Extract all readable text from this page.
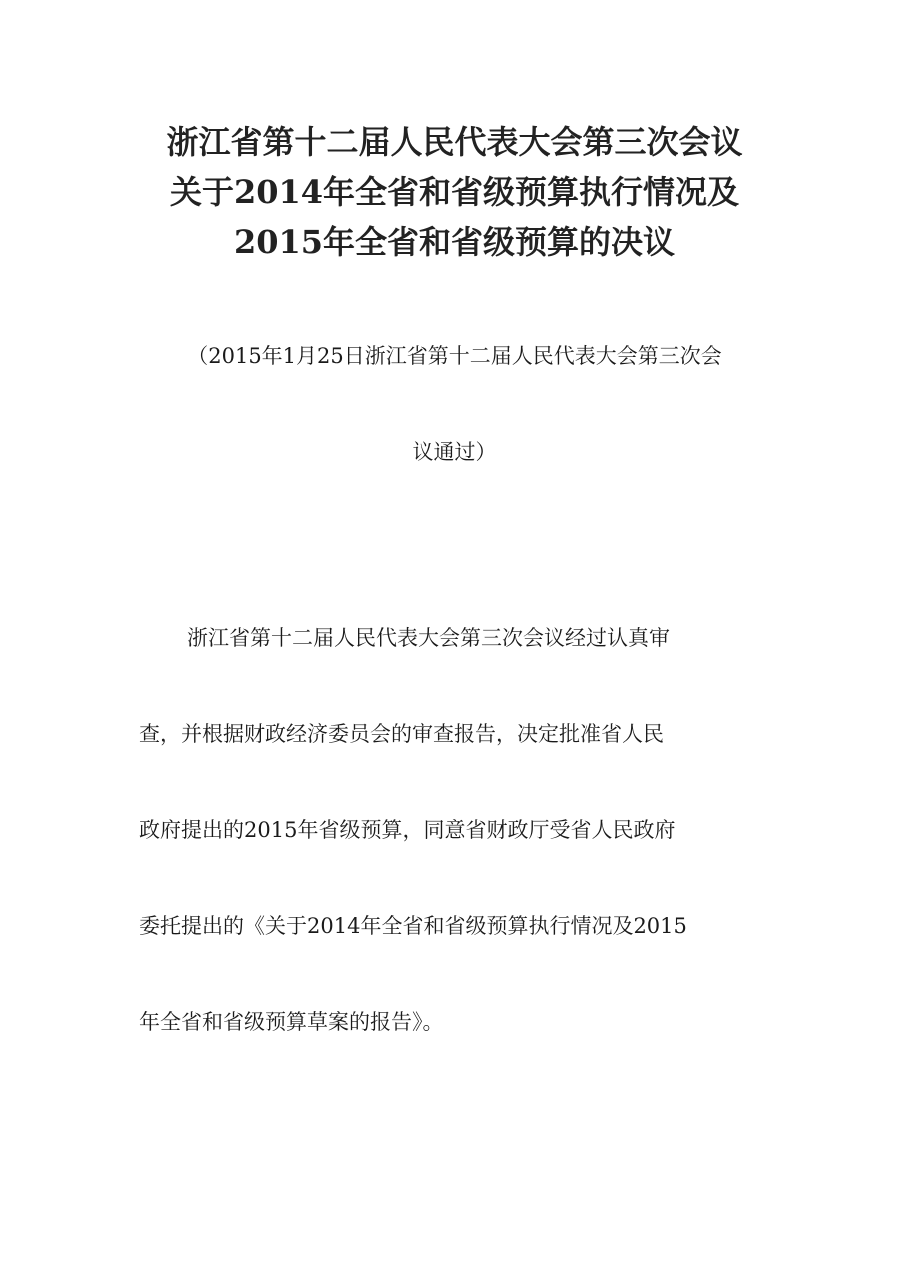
浙江省第十二届人民代表大会第三次会议
关于2014年全省和省级预算执行情况及
2015年全省和省级预算的决议

（2015年1月25日浙江省第十二届人民代表大会第三次会
议通过）

浙江省第十二届人民代表大会第三次会议经过认真审
查，并根据财政经济委员会的审查报告，决定批准省人民
政府提出的2015年省级预算，同意省财政厅受省人民政府
委托提出的《关于2014年全省和省级预算执行情况及2015
年全省和省级预算草案的报告》。
